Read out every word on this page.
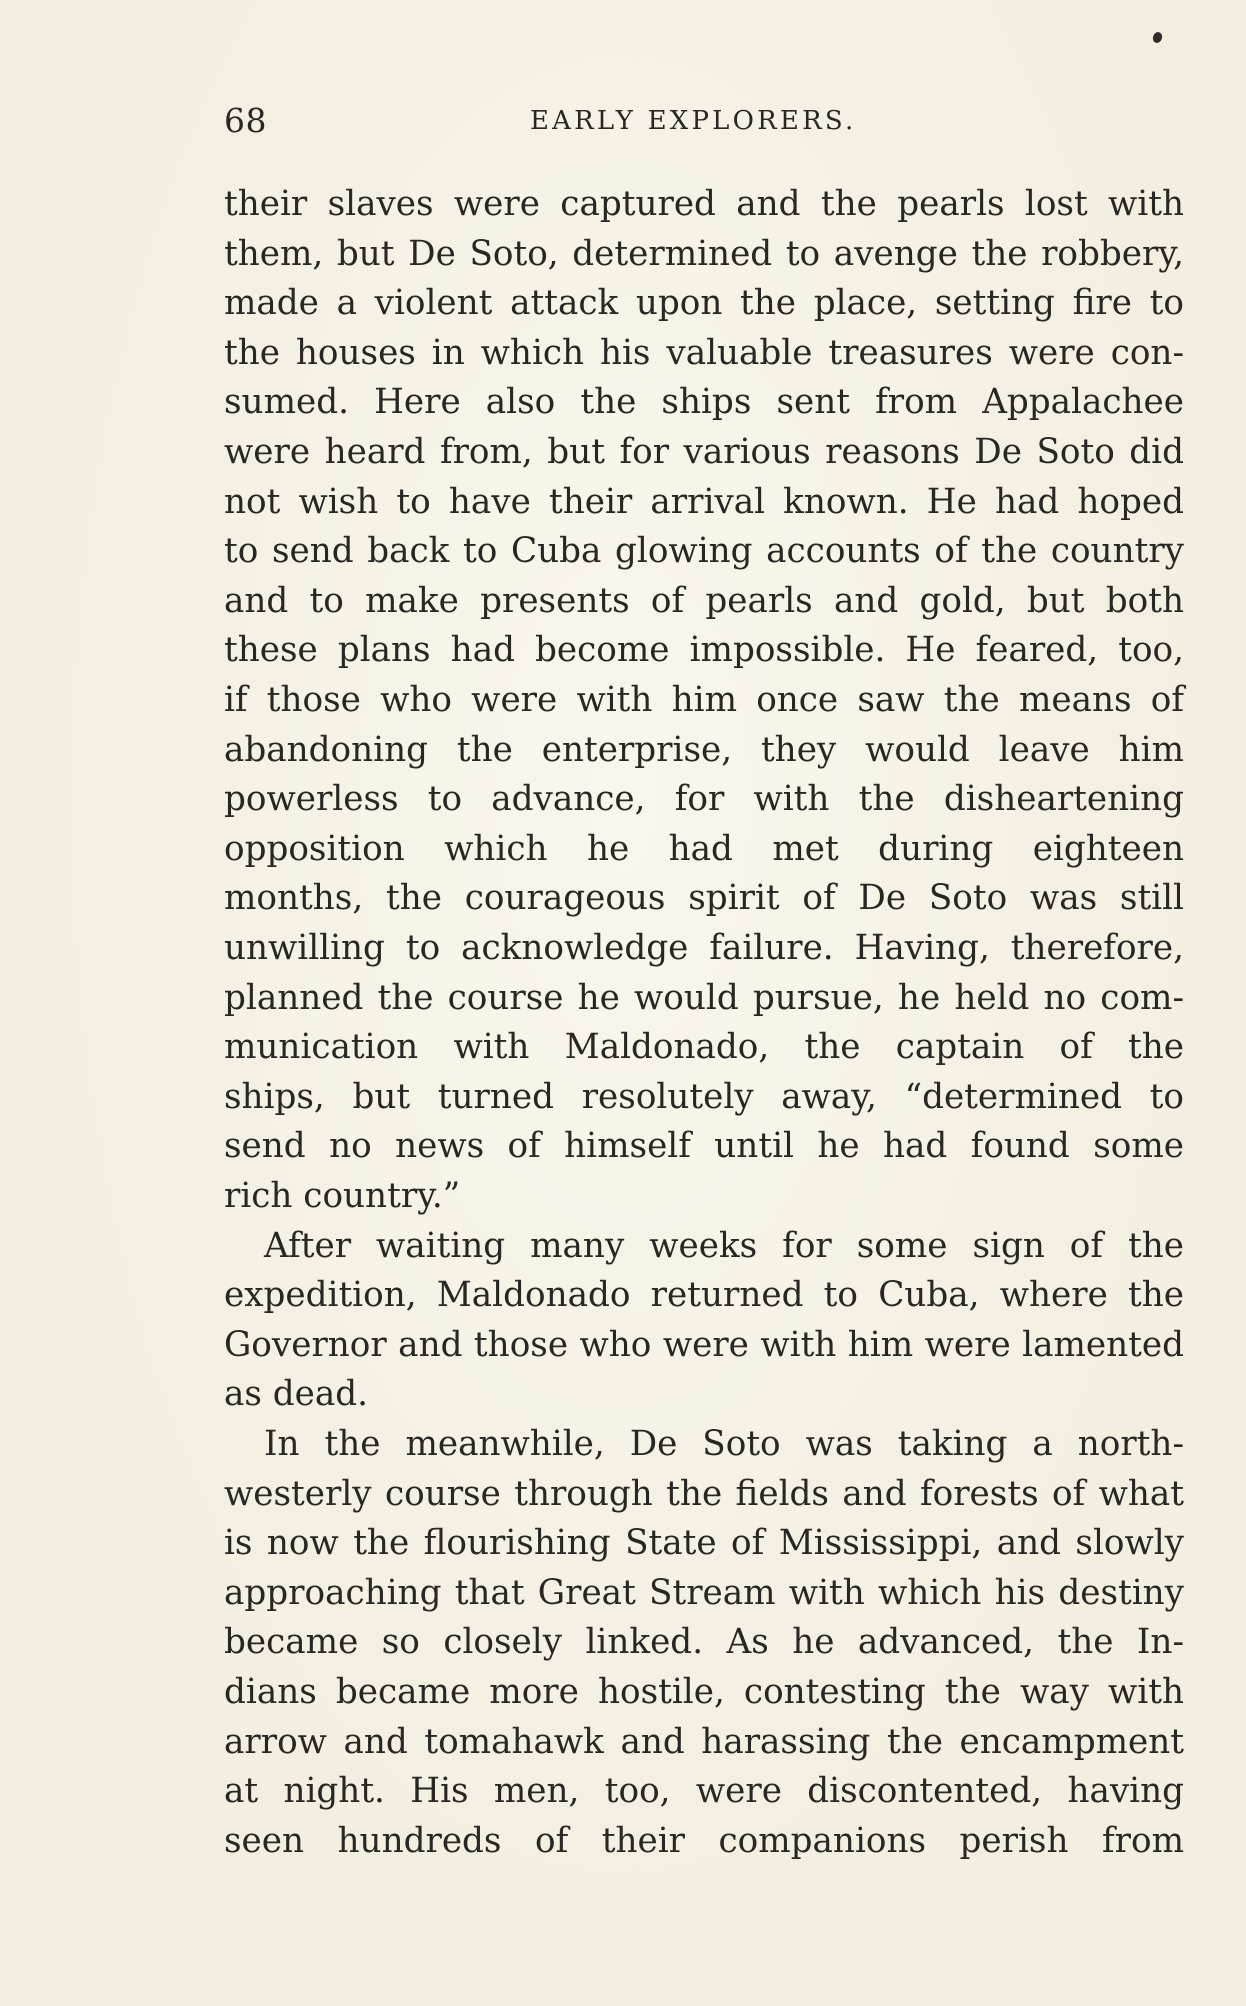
68	EARLY EXPLORERS.
their slaves were captured and the pearls lost with
them, but De Soto, determined to avenge the robbery,
made a violent attack upon the place, setting fire to
the houses in which his valuable treasures were con-
sumed. Here also the ships sent from Appalachee
were heard from, but for various reasons De Soto did
not wish to have their arrival known. He had hoped
to send back to Cuba glowing accounts of the country
and to make presents of pearls and gold, but both
these plans had become impossible. He feared, too,
if those who were with him once saw the means of
abandoning the enterprise, they would leave him
powerless to advance, for with the disheartening
opposition which he had met during eighteen
months, the courageous spirit of De Soto was still
unwilling to acknowledge failure. Having, therefore,
planned the course he would pursue, he held no com-
munication with Maldonado, the captain of the
ships, but turned resolutely away, “determined to
send no news of himself until he had found some
rich country.”
After waiting many weeks for some sign of the
expedition, Maldonado returned to Cuba, where the
Governor and those who were with him were lamented
as dead.
In the meanwhile, De Soto was taking a north-
westerly course through the fields and forests of what
is now the flourishing State of Mississippi, and slowly
approaching that Great Stream with which his destiny
became so closely linked. As he advanced, the In-
dians became more hostile, contesting the way with
arrow and tomahawk and harassing the encampment
at night. His men, too, were discontented, having
seen hundreds of their companions perish from
